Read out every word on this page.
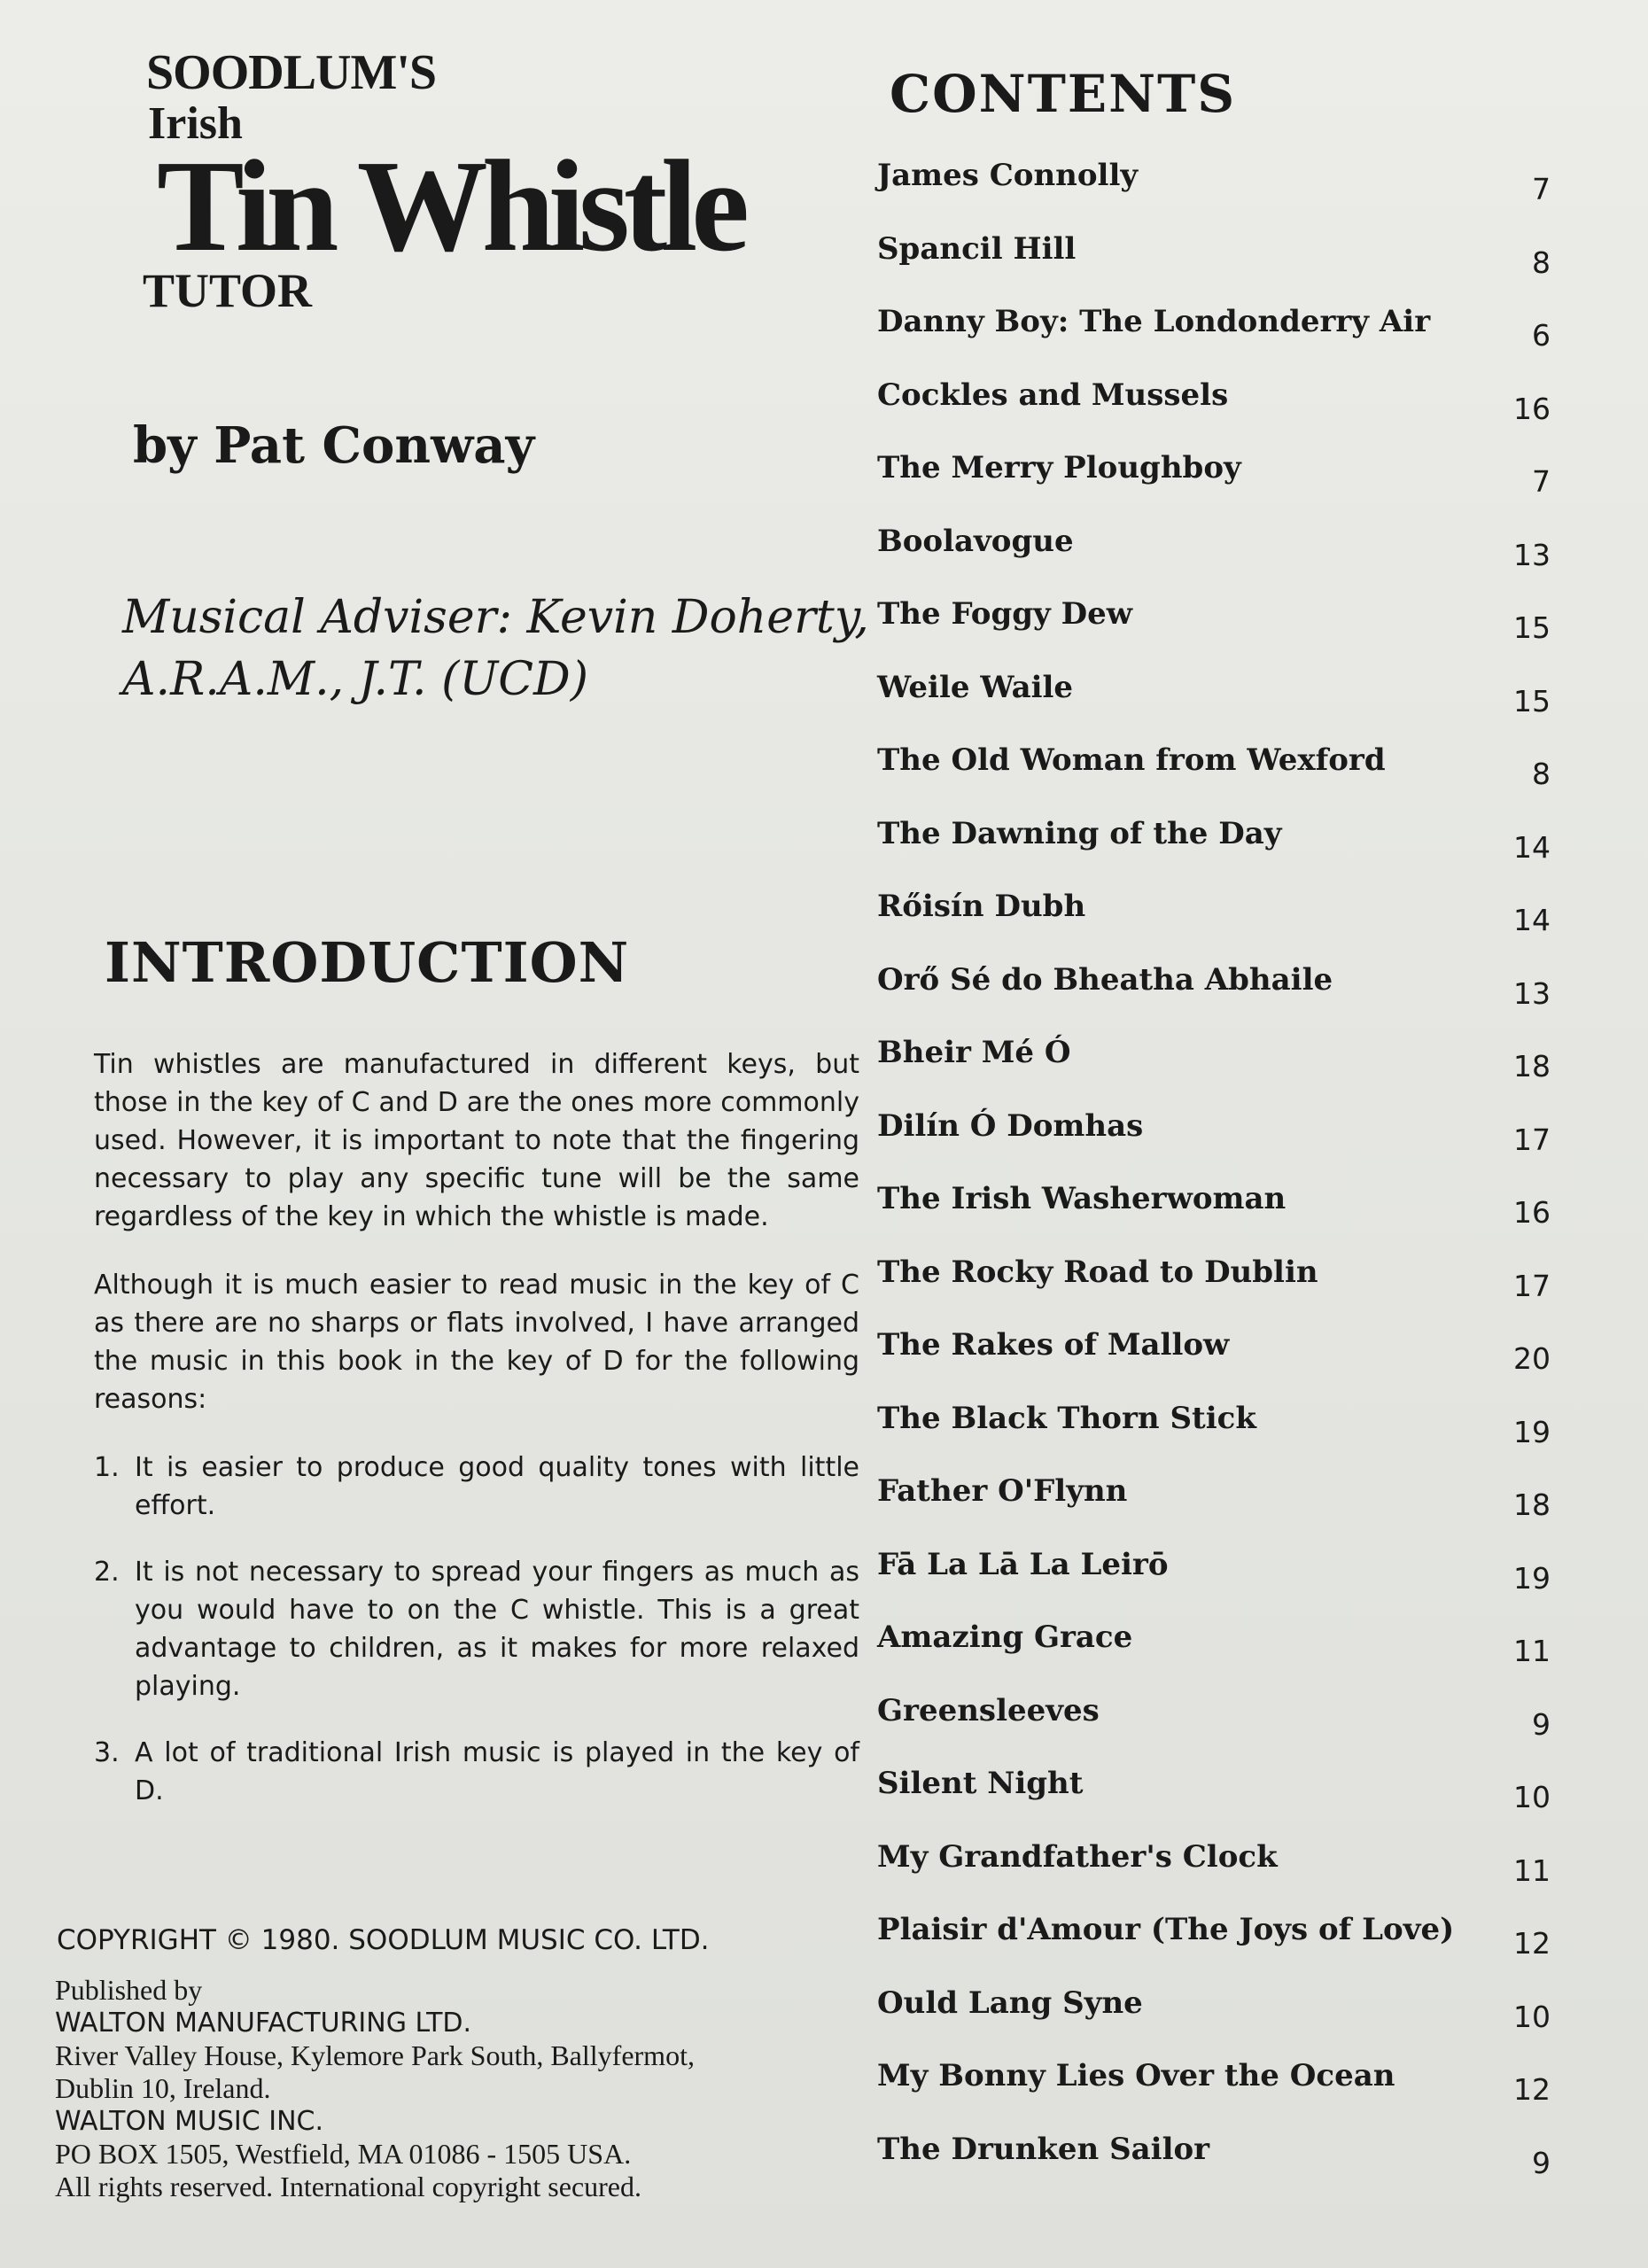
SOODLUM'S
Irish
Tin Whistle
TUTOR
by Pat Conway
Musical Adviser: Kevin Doherty,
A.R.A.M., J.T. (UCD)
INTRODUCTION

Tin whistles are manufactured in different keys, but those in the key of C and D are the ones more commonly used. However, it is important to note that the fingering necessary to play any specific tune will be the same regardless of the key in which the whistle is made.

Although it is much easier to read music in the key of C as there are no sharps or flats involved, I have arranged the music in this book in the key of D for the following reasons:

1. It is easier to produce good quality tones with little effort.
2. It is not necessary to spread your fingers as much as you would have to on the C whistle. This is a great advantage to children, as it makes for more relaxed playing.
3. A lot of traditional Irish music is played in the key of D.
COPYRIGHT © 1980. SOODLUM MUSIC CO. LTD.
Published by
WALTON MANUFACTURING LTD.
River Valley House, Kylemore Park South, Ballyfermot,
Dublin 10, Ireland.
WALTON MUSIC INC.
PO BOX 1505, Westfield, MA 01086 - 1505 USA.
All rights reserved. International copyright secured.
CONTENTS
James Connolly	7
Spancil Hill	8
Danny Boy: The Londonderry Air	6
Cockles and Mussels	16
The Merry Ploughboy	7
Boolavogue	13
The Foggy Dew	15
Weile Waile	15
The Old Woman from Wexford	8
The Dawning of the Day	14
Rőisín Dubh	14
Orő Sé do Bheatha Abhaile	13
Bheir Mé Ó	18
Dilín Ó Domhas	17
The Irish Washerwoman	16
The Rocky Road to Dublin	17
The Rakes of Mallow	20
The Black Thorn Stick	19
Father O'Flynn	18
Fā La Lā La Leirō	19
Amazing Grace	11
Greensleeves	9
Silent Night	10
My Grandfather's Clock	11
Plaisir d'Amour (The Joys of Love) 12
Ould Lang Syne	10
My Bonny Lies Over the Ocean	12
The Drunken Sailor	9
